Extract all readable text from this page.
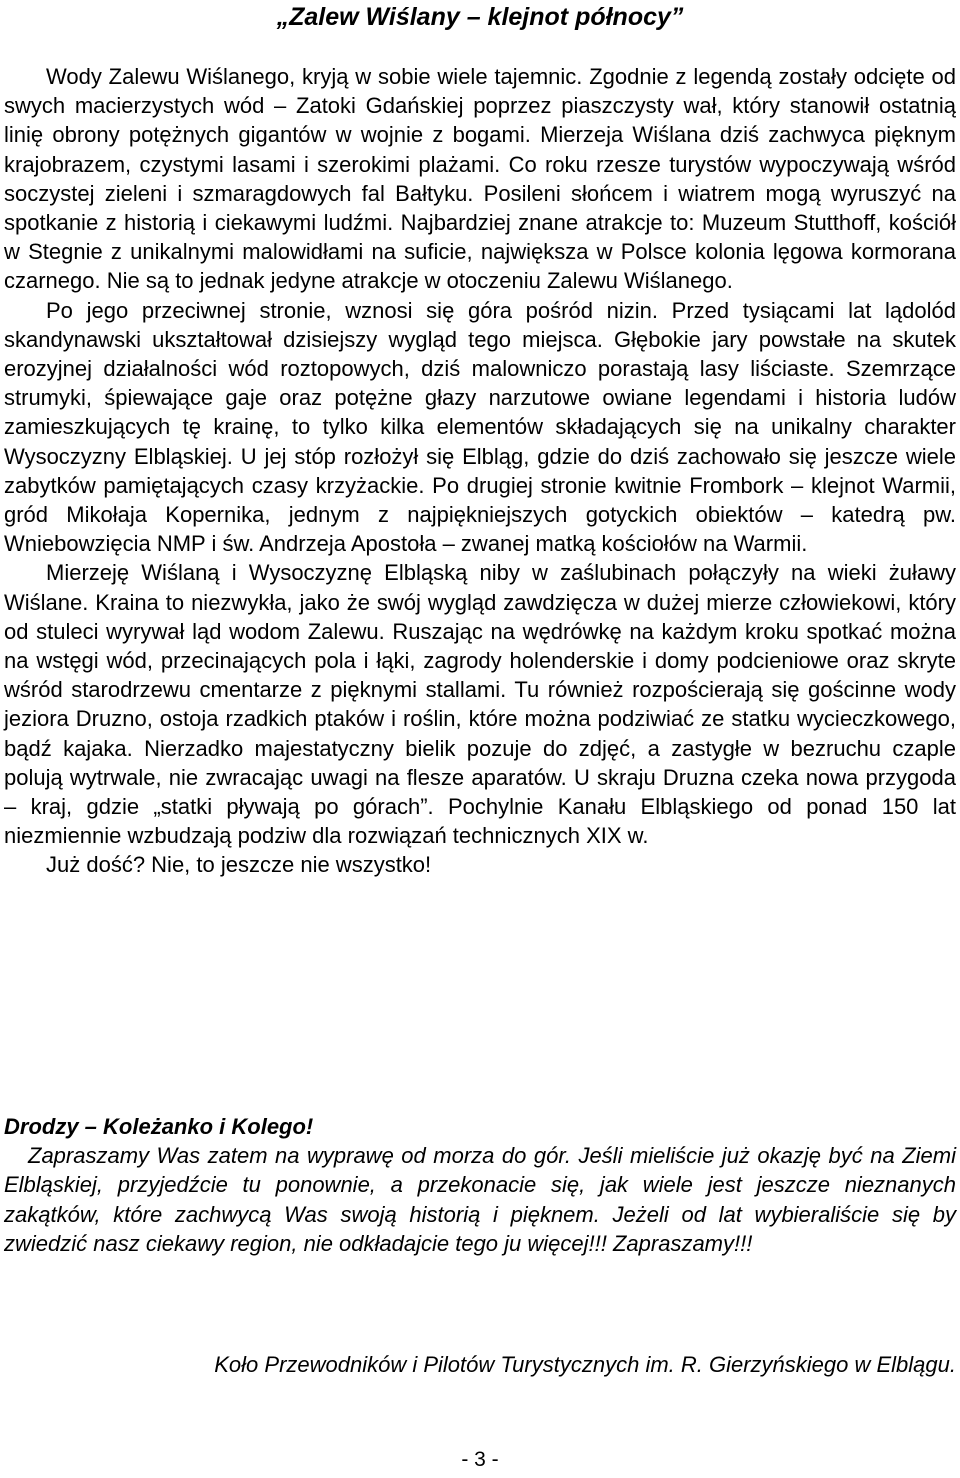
„Zalew Wiślany – klejnot północy”

Wody Zalewu Wiślanego, kryją w sobie wiele tajemnic. Zgodnie z legendą zostały odcięte od swych macierzystych wód – Zatoki Gdańskiej poprzez piaszczysty wał, który stanowił ostatnią linię obrony potężnych gigantów w wojnie z bogami. Mierzeja Wiślana dziś zachwyca pięknym krajobrazem, czystymi lasami i szerokimi plażami. Co roku rzesze turystów wypoczywają wśród soczystej zieleni i szmaragdowych fal Bałtyku. Posileni słońcem i wiatrem mogą wyruszyć na spotkanie z historią i ciekawymi ludźmi. Najbardziej znane atrakcje to: Muzeum Stutthoff, kościół w Stegnie z unikalnymi malowidłami na suficie, największa w Polsce kolonia lęgowa kormorana czarnego. Nie są to jednak jedyne atrakcje w otoczeniu Zalewu Wiślanego.

Po jego przeciwnej stronie, wznosi się góra pośród nizin. Przed tysiącami lat lądolód skandynawski ukształtował dzisiejszy wygląd tego miejsca. Głębokie jary powstałe na skutek erozyjnej działalności wód roztopowych, dziś malowniczo porastają lasy liściaste. Szemrzące strumyki, śpiewające gaje oraz potężne głazy narzutowe owiane legendami i historia ludów zamieszkujących tę krainę, to tylko kilka elementów składających się na unikalny charakter Wysoczyzny Elbląskiej. U jej stóp rozłożył się Elbląg, gdzie do dziś zachowało się jeszcze wiele zabytków pamiętających czasy krzyżackie. Po drugiej stronie kwitnie Frombork – klejnot Warmii, gród Mikołaja Kopernika, jednym z najpiękniejszych gotyckich obiektów – katedrą pw. Wniebowzięcia NMP i św. Andrzeja Apostoła – zwanej matką kościołów na Warmii.

Mierzeję Wiślaną i Wysoczyznę Elbląską niby w zaślubinach połączyły na wieki żuławy Wiślane. Kraina to niezwykła, jako że swój wygląd zawdzięcza w dużej mierze człowiekowi, który od stuleci wyrywał ląd wodom Zalewu. Ruszając na wędrówkę na każdym kroku spotkać można na wstęgi wód, przecinających pola i łąki, zagrody holenderskie i domy podcieniowe oraz skryte wśród starodrzewu cmentarze z pięknymi stallami. Tu również rozpościerają się gościnne wody jeziora Druzno, ostoja rzadkich ptaków i roślin, które można podziwiać ze statku wycieczkowego, bądź kajaka. Nierzadko majestatyczny bielik pozuje do zdjęć, a zastygłe w bezruchu czaple polują wytrwale, nie zwracając uwagi na flesze aparatów. U skraju Druzna czeka nowa przygoda – kraj, gdzie „statki pływają po górach”. Pochylnie Kanału Elbląskiego od ponad 150 lat niezmiennie wzbudzają podziw dla rozwiązań technicznych XIX w.

Już dość? Nie, to jeszcze nie wszystko!

Drodzy – Koleżanko i Kolego!

Zapraszamy Was zatem na wyprawę od morza do gór. Jeśli mieliście już okazję być na Ziemi Elbląskiej, przyjedźcie tu ponownie, a przekonacie się, jak wiele jest jeszcze nieznanych zakątków, które zachwycą Was swoją historią i pięknem. Jeżeli od lat wybieraliście się by zwiedzić nasz ciekawy region, nie odkładajcie tego ju więcej!!! Zapraszamy!!!

Koło Przewodników i Pilotów Turystycznych im. R. Gierzyńskiego w Elblągu.

- 3 -
